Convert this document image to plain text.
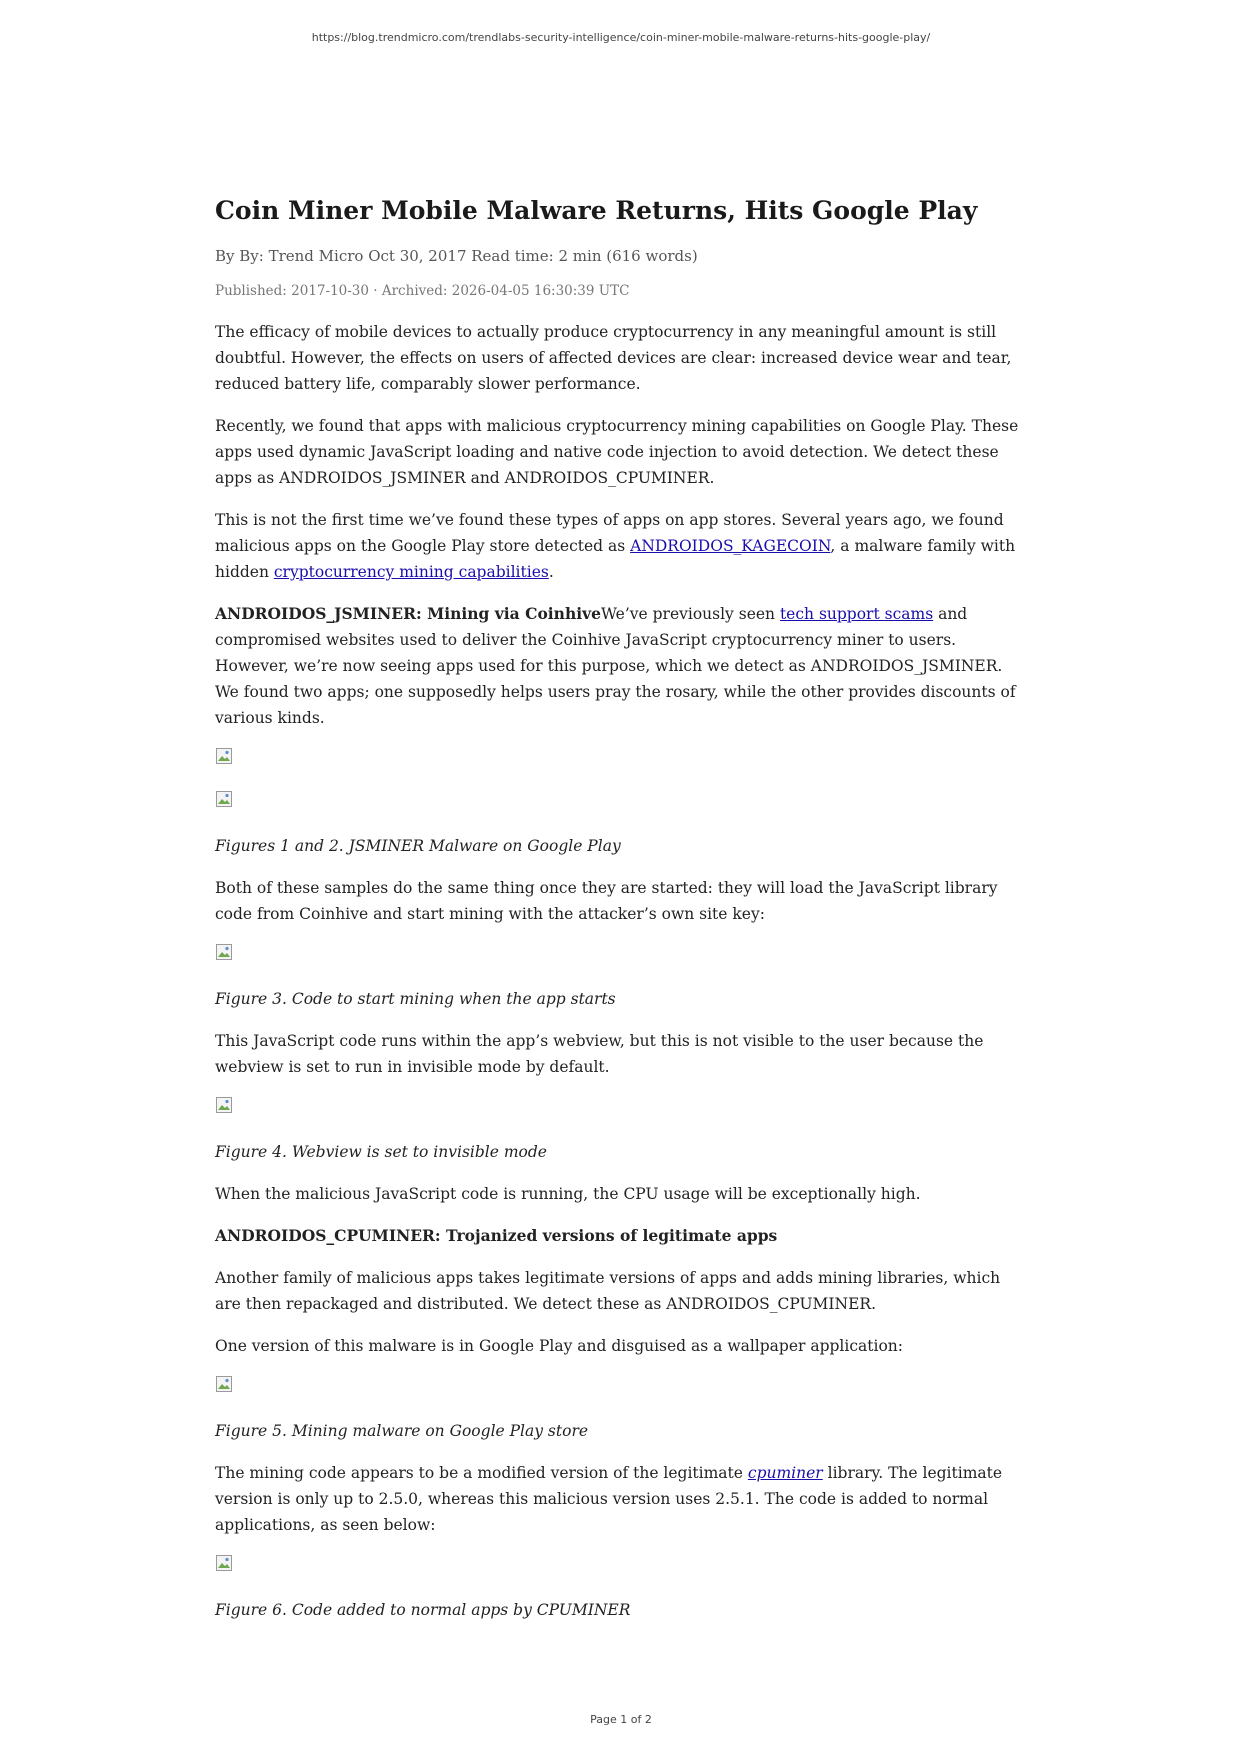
https://blog.trendmicro.com/trendlabs-security-intelligence/coin-miner-mobile-malware-returns-hits-google-play/
Coin Miner Mobile Malware Returns, Hits Google Play
By By: Trend Micro Oct 30, 2017 Read time: 2 min (616 words)
Published: 2017-10-30 · Archived: 2026-04-05 16:30:39 UTC

The efficacy of mobile devices to actually produce cryptocurrency in any meaningful amount is still doubtful. However, the effects on users of affected devices are clear: increased device wear and tear, reduced battery life, comparably slower performance.

Recently, we found that apps with malicious cryptocurrency mining capabilities on Google Play. These apps used dynamic JavaScript loading and native code injection to avoid detection. We detect these apps as ANDROIDOS_JSMINER and ANDROIDOS_CPUMINER.

This is not the first time we’ve found these types of apps on app stores. Several years ago, we found malicious apps on the Google Play store detected as ANDROIDOS_KAGECOIN, a malware family with hidden cryptocurrency mining capabilities.

ANDROIDOS_JSMINER: Mining via CoinhiveWe’ve previously seen tech support scams and compromised websites used to deliver the Coinhive JavaScript cryptocurrency miner to users. However, we’re now seeing apps used for this purpose, which we detect as ANDROIDOS_JSMINER. We found two apps; one supposedly helps users pray the rosary, while the other provides discounts of various kinds.

Figures 1 and 2. JSMINER Malware on Google Play

Both of these samples do the same thing once they are started: they will load the JavaScript library code from Coinhive and start mining with the attacker’s own site key:

Figure 3. Code to start mining when the app starts

This JavaScript code runs within the app’s webview, but this is not visible to the user because the webview is set to run in invisible mode by default.

Figure 4. Webview is set to invisible mode

When the malicious JavaScript code is running, the CPU usage will be exceptionally high.

ANDROIDOS_CPUMINER: Trojanized versions of legitimate apps

Another family of malicious apps takes legitimate versions of apps and adds mining libraries, which are then repackaged and distributed. We detect these as ANDROIDOS_CPUMINER.

One version of this malware is in Google Play and disguised as a wallpaper application:

Figure 5. Mining malware on Google Play store

The mining code appears to be a modified version of the legitimate cpuminer library. The legitimate version is only up to 2.5.0, whereas this malicious version uses 2.5.1. The code is added to normal applications, as seen below:

Figure 6. Code added to normal apps by CPUMINER

Page 1 of 2
